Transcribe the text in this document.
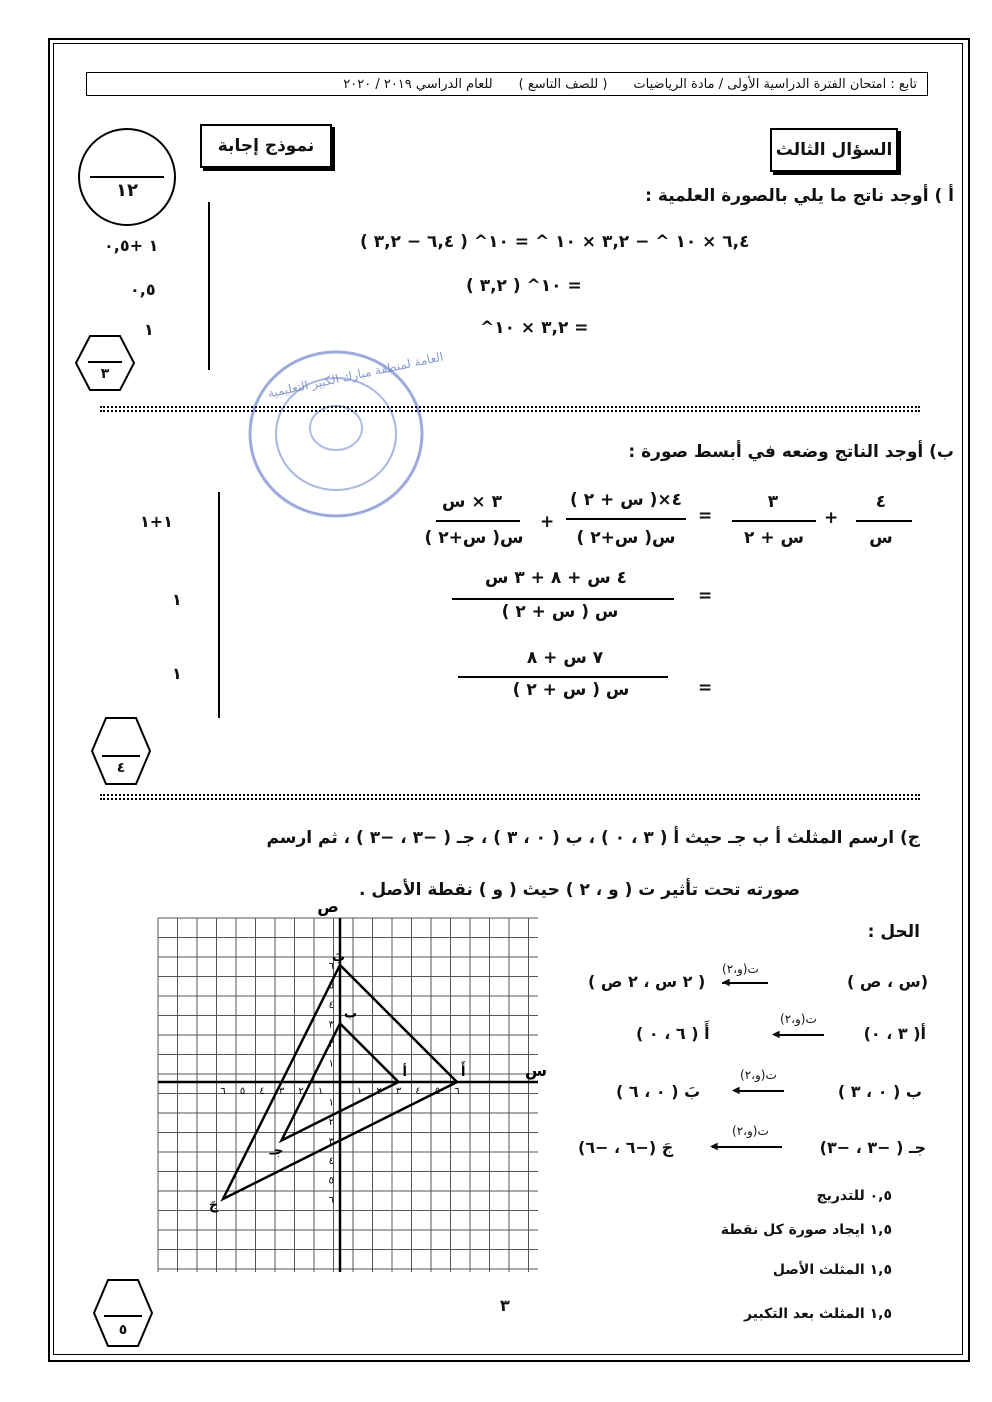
تابع : امتحان الفترة الدراسية الأولى / مادة الرياضيات
( للصف التاسع )
للعام الدراسي ٢٠١٩ / ٢٠٢٠
١٢
نموذج إجابة	السؤال الثالث
أ ) أوجد ناتج ما يلي بالصورة العلمية :
٦,٤ × ١٠ ^ − ٣,٢ × ١٠ ^ = ١٠^ ( ٦,٤ − ٣,٢ )
= ١٠^ ( ٣,٢ )
= ٣,٢ × ١٠^
١ +٠,٥
٠,٥
١
٣	العامة لمنطقة مبارك الكبير التعليمية
ب) أوجد الناتج وضعه في أبسط صورة :
٤
س
+
٣
س + ٢
=
٤×( س + ٢ )
س( س+٢ )
+
٣ × س
س( س+٢ )
٤ س + ٨ + ٣ س
س ( س + ٢ )
=
٧ س + ٨
س ( س + ٢ )	=
١+١
١
١
٤
ج) ارسم المثلث أ ب جـ حيث أ ( ٣ ، ٠ ) ، ب ( ٠ ، ٣ ) ، جـ ( −٣ ، −٣ ) ، ثم ارسم
صورته تحت تأثير ت ( و ، ٢ ) حيث ( و ) نقطة الأصل .
الحل :
(س ، ص )
ت(و،٢)
◀
( ٢ س ، ٢ ص )
أ( ٣ ، ٠)
ت(و،٢)
◀
أَ ( ٦ ، ٠ )
ب ( ٠ ، ٣ )
ت(و،٢)
◀
بَ ( ٠ ، ٦ )
جـ ( −٣ ، −٣)
ت(و،٢)
◀
جَ (−٦ ، −٦)
٠,٥ للتدريج
١,٥ ايجاد صورة كل نقطة
١,٥ المثلث الأصل
١,٥ المثلث بعد التكبير
٥
٣
٦ ٥ ٤ ٣ ٢ ١	١ ٢ ٣ ٤ ٥ ٦
٦
٥
٤
٣
٢
١
١
٢
٣
٤
٥
٦
أ	أَ
ب
بَ
جـ
جَ
س
ص
